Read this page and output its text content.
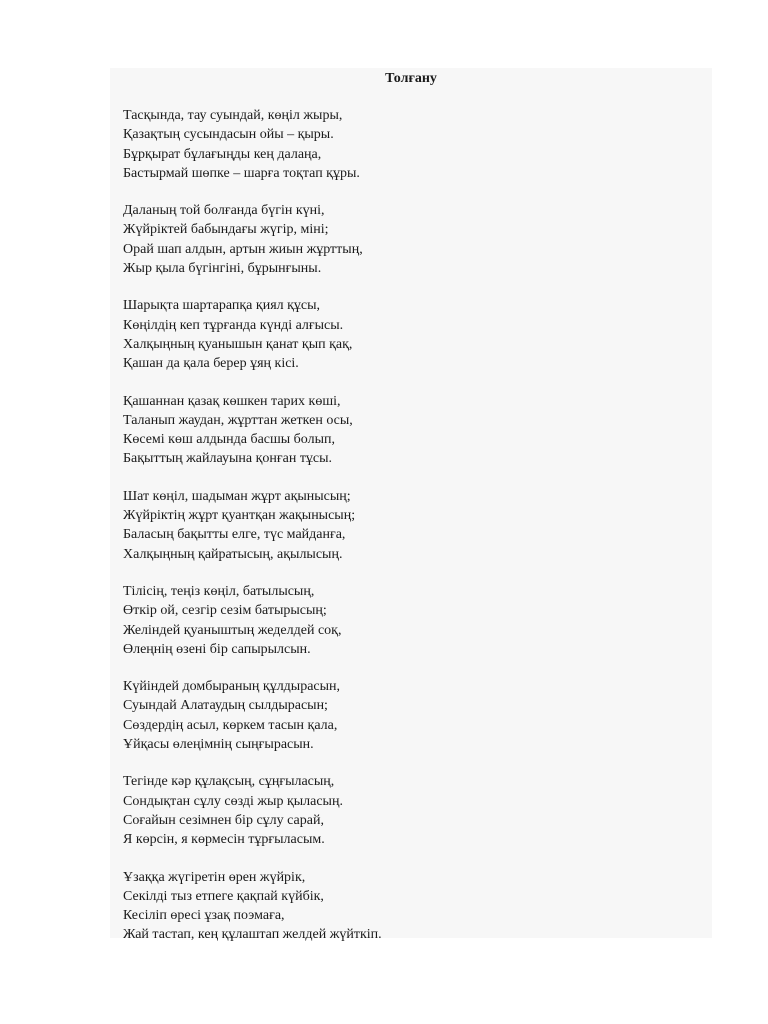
Толғану
Тасқында, тау суындай, көңіл жыры,
Қазақтың сусындасын ойы – қыры.
Бұрқырат бұлағыңды кең далаңа,
Бастырмай шөпке – шарға тоқтап құры.
Даланың той болғанда бүгін күні,
Жүйріктей бабындағы жүгір, міні;
Орай шап алдын, артын жиын жұрттың,
Жыр қыла бүгінгіні, бұрынғыны.
Шарықта шартарапқа қиял құсы,
Көңілдің кеп тұрғанда күнді алғысы.
Халқыңның қуанышын қанат қып қақ,
Қашан да қала берер ұяң кісі.
Қашаннан қазақ көшкен тарих көші,
Таланып жаудан, жұрттан жеткен осы,
Көсемі көш алдында басшы болып,
Бақыттың жайлауына қонған тұсы.
Шат көңіл, шадыман жұрт ақынысың;
Жүйріктің жұрт қуантқан жақынысың;
Баласың бақытты елге, түс майданға,
Халқыңның қайратысың, ақылысың.
Тілісің, теңіз көңіл, батылысың,
Өткір ой, сезгір сезім батырысың;
Желіндей қуаныштың жеделдей соқ,
Өлеңнің өзені бір сапырылсын.
Күйіндей домбыраның құлдырасын,
Суындай Алатаудың сылдырасын;
Сөздердің асыл, көркем тасын қала,
Ұйқасы өлеңімнің сыңғырасын.
Тегінде кәр құлақсың, сұңғыласың,
Сондықтан сұлу сөзді жыр қыласың.
Соғайын сезімнен бір сұлу сарай,
Я көрсін, я көрмесін тұрғыласым.
Ұзаққа жүгіретін өрен жүйрік,
Секілді тыз етпеге қақпай күйбік,
Кесіліп өресі ұзақ поэмаға,
Жай тастап, кең құлаштап желдей жүйткіп.
